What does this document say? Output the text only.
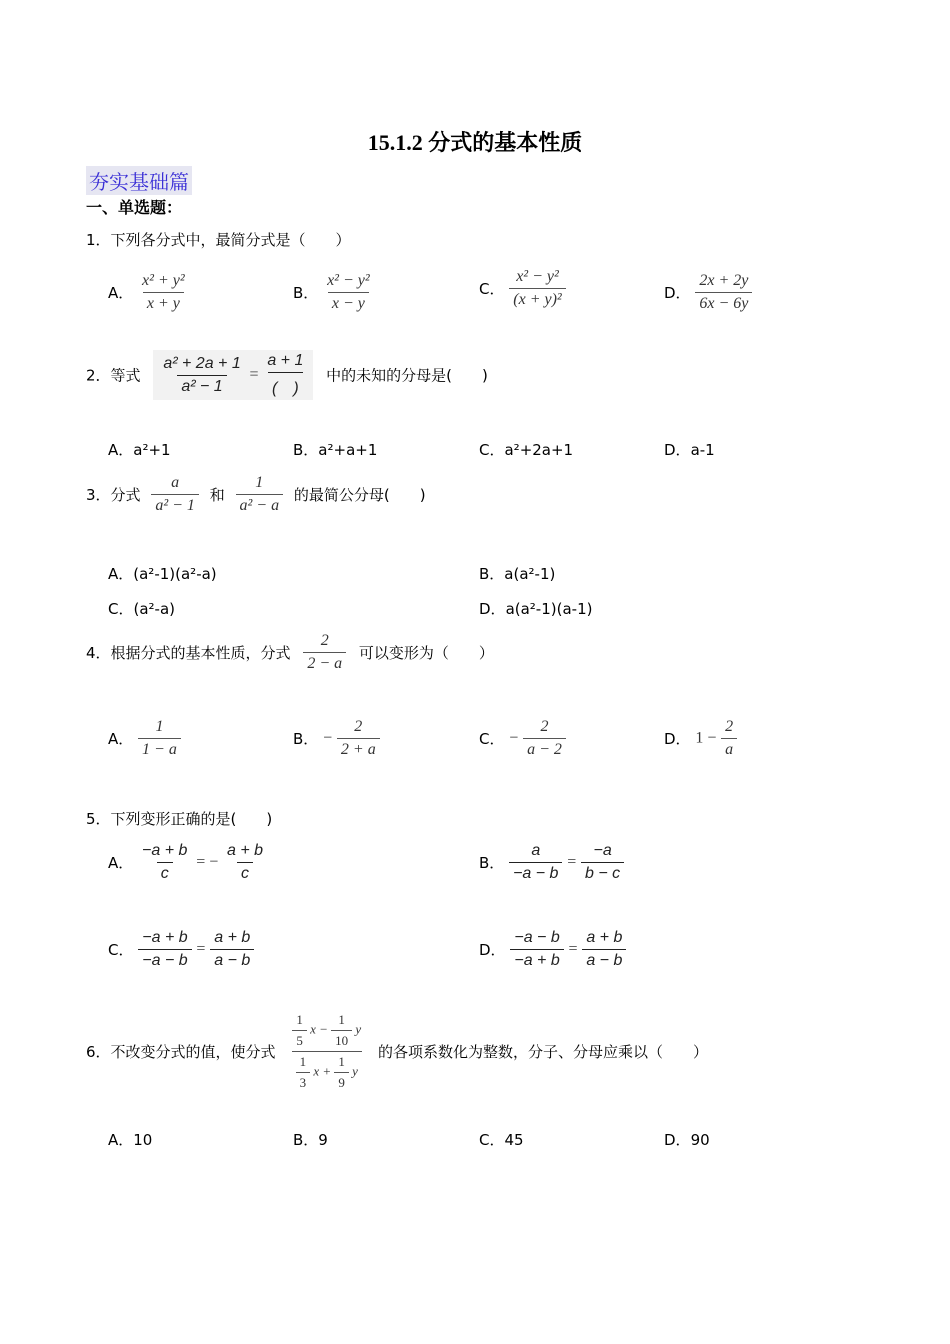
15.1.2 分式的基本性质
夯实基础篇
一、单选题：
1．下列各分式中，最简分式是（　　）
A． $\frac{\text{x² + y²}}{x + y}$	B． $\frac{\text{x² − y²}}{x - y}$	C． $\frac{\text{x² − y²}}{\text{(x + y)²}}$	D． $\frac{2x + 2y}{6x - 6y}$
2．等式 $\frac{\text{a² + 2a + 1}}{\text{a² − 1}} = \frac{a + 1}{( )}$ 中的未知的分母是(　　)
A．a²+1	B．a²+a+1	C．a²+2a+1	D．a-1
3．分式 $\frac{a}{\text{a² − 1}}$ 和 $\frac{1}{\text{a² − a}}$ 的最简公分母(　　)
A．(a²-1)(a²-a)	B．a(a²-1)
C．(a²-a)	D．a(a²-1)(a-1)
4．根据分式的基本性质，分式 $\frac{2}{2 - a}$ 可以变形为（　　）
A． $\frac{1}{1 - a}$	B． − $\frac{2}{2 + a}$	C． − $\frac{2}{a - 2}$	D． $1 - \frac{2}{a}$
5．下列变形正确的是(　　)
A． $\frac{-a + b}{c}$ = − $\frac{a + b}{c}$	B． $\frac{a}{-a - b} = \frac{-a}{b - c}$
C． $\frac{-a + b}{-a - b} = \frac{a + b}{a - b}$	D． $\frac{-a - b}{-a + b} = \frac{a + b}{a - b}$
6．不改变分式的值，使分式 $\frac{\frac{1}{5} x - \frac{1}{10} y}{\frac{1}{3} x + \frac{1}{9} y}$ 的各项系数化为整数，分子、分母应乘以（　　）
A．10	B．9	C．45	D．90
